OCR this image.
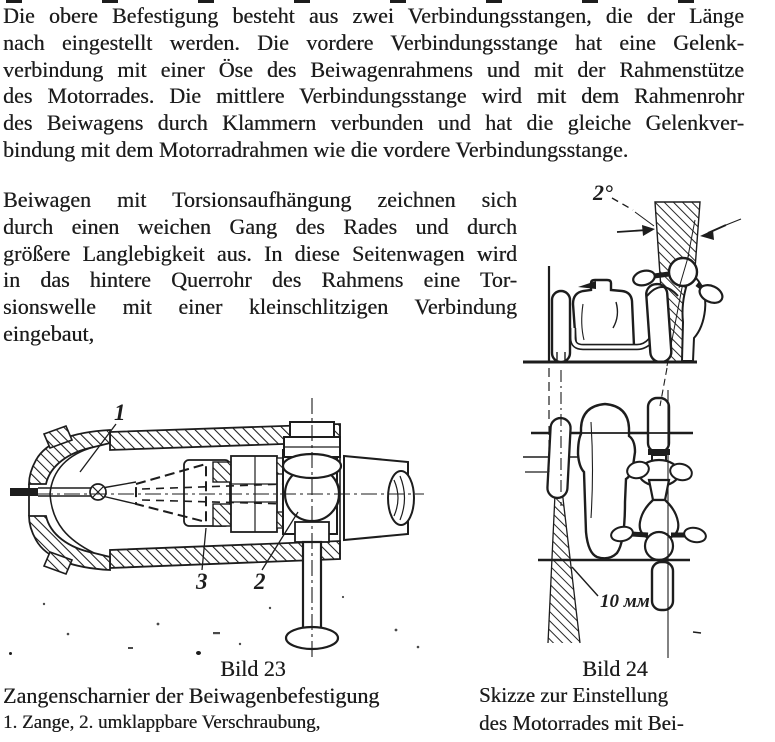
Die obere Befestigung besteht aus zwei Verbindungsstangen, die der Länge
nach eingestellt werden. Die vordere Verbindungsstange hat eine Gelenk-
verbindung mit einer Öse des Beiwagenrahmens und mit der Rahmenstütze
des Motorrades. Die mittlere Verbindungsstange wird mit dem Rahmenrohr
des Beiwagens durch Klammern verbunden und hat die gleiche Gelenkver-
bindung mit dem Motorradrahmen wie die vordere Verbindungsstange.
Beiwagen mit Torsionsaufhängung zeichnen sich
durch einen weichen Gang des Rades und durch
größere Langlebigkeit aus. In diese Seitenwagen wird
in das hintere Querrohr des Rahmens eine Tor-
sionswelle mit einer kleinschlitzigen Verbindung
eingebaut,
1
3 2
2°
10 мм
Bild 23
Zangenscharnier der Beiwagenbefestigung
1. Zange, 2. umklappbare Verschraubung,
Bild 24
Skizze zur Einstellung
des Motorrades mit Bei-
